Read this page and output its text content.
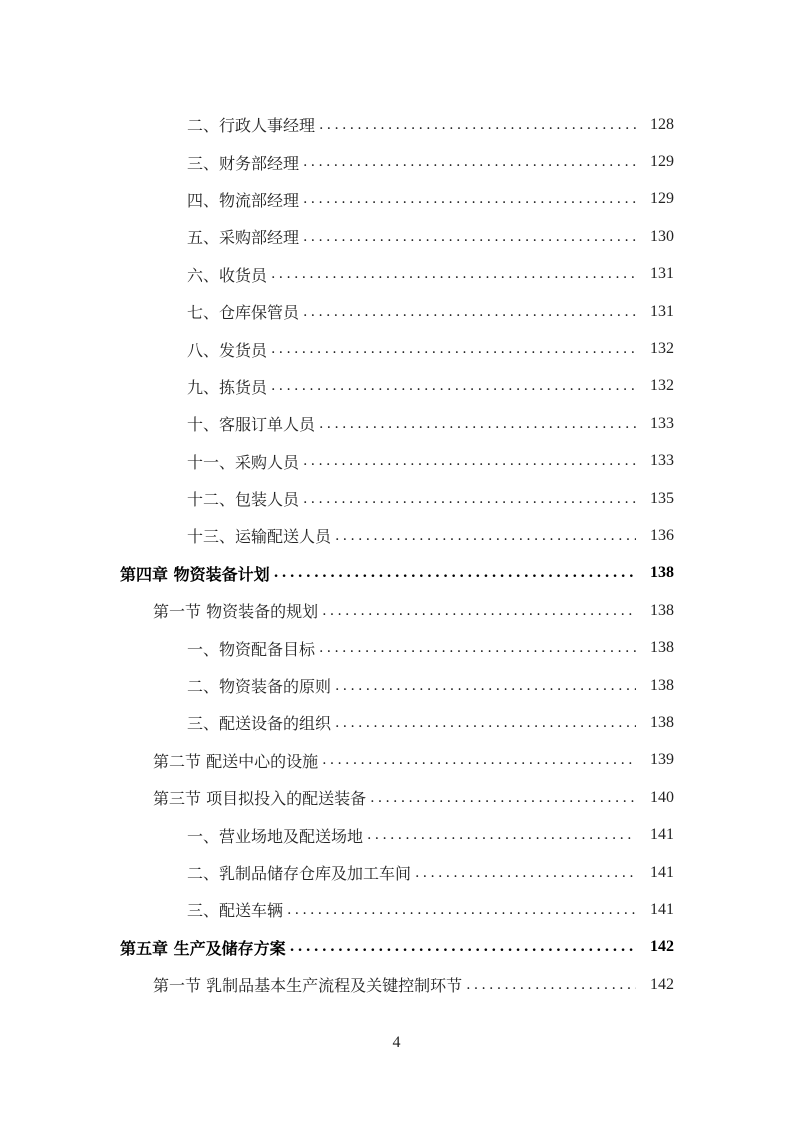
二、行政人事经理 .....	128
三、财务部经理 .....	129
四、物流部经理 .....	129
五、采购部经理 .....	130
六、收货员 .....	131
七、仓库保管员 .....	131
八、发货员 .....	132
九、拣货员 .....	132
十、客服订单人员 .....	133
十一、采购人员 .....	133
十二、包装人员 .....	135
十三、运输配送人员 .....	136
第四章 物资装备计划 .....	138
第一节 物资装备的规划 .....	138
一、物资配备目标 .....	138
二、物资装备的原则 .....	138
三、配送设备的组织 .....	138
第二节 配送中心的设施 .....	139
第三节 项目拟投入的配送装备 .....	140
一、营业场地及配送场地 .....	141
二、乳制品储存仓库及加工车间 .....	141
三、配送车辆 .....	141
第五章 生产及储存方案 .....	142
第一节 乳制品基本生产流程及关键控制环节 .....	142
4
